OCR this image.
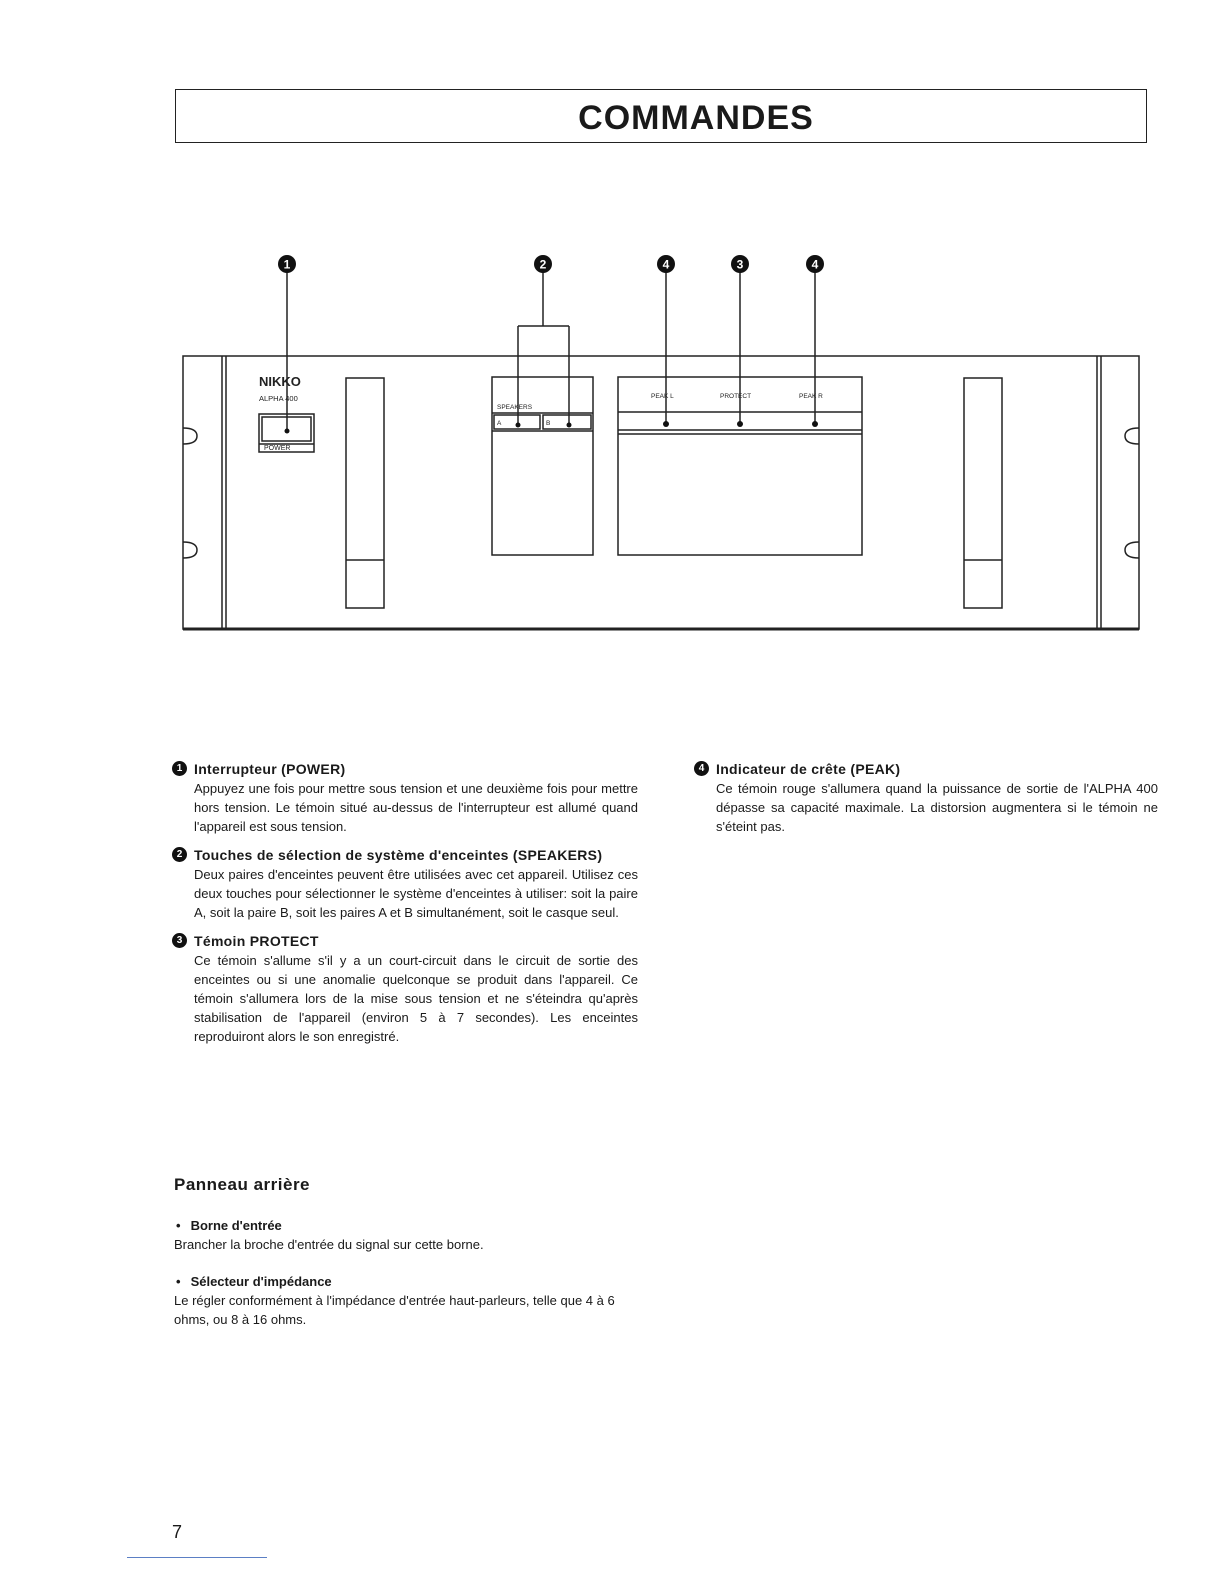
COMMANDES
1	2	4	3	4
NIKKO
ALPHA 400
POWER
SPEAKERS
A	B
PEAK L	PROTECT	PEAK R
1 Interrupteur (POWER)
Appuyez une fois pour mettre sous tension et une deuxième fois pour mettre hors tension. Le témoin situé au-dessus de l'interrupteur est allumé quand l'appareil est sous tension.
2 Touches de sélection de système d'enceintes (SPEAKERS)
Deux paires d'enceintes peuvent être utilisées avec cet appareil. Utilisez ces deux touches pour sélectionner le système d'enceintes à utiliser: soit la paire A, soit la paire B, soit les paires A et B simultanément, soit le casque seul.
3 Témoin PROTECT
Ce témoin s'allume s'il y a un court-circuit dans le circuit de sortie des enceintes ou si une anomalie quelconque se produit dans l'appareil. Ce témoin s'allumera lors de la mise sous tension et ne s'éteindra qu'après stabilisation de l'appareil (environ 5 à 7 secondes). Les enceintes reproduiront alors le son enregistré.
4 Indicateur de crête (PEAK)
Ce témoin rouge s'allumera quand la puissance de sortie de l'ALPHA 400 dépasse sa capacité maximale. La distorsion augmentera si le témoin ne s'éteint pas.
Panneau arrière
• Borne d'entrée
Brancher la broche d'entrée du signal sur cette borne.
• Sélecteur d'impédance
Le régler conformément à l'impédance d'entrée haut-parleurs, telle que 4 à 6 ohms, ou 8 à 16 ohms.
7
